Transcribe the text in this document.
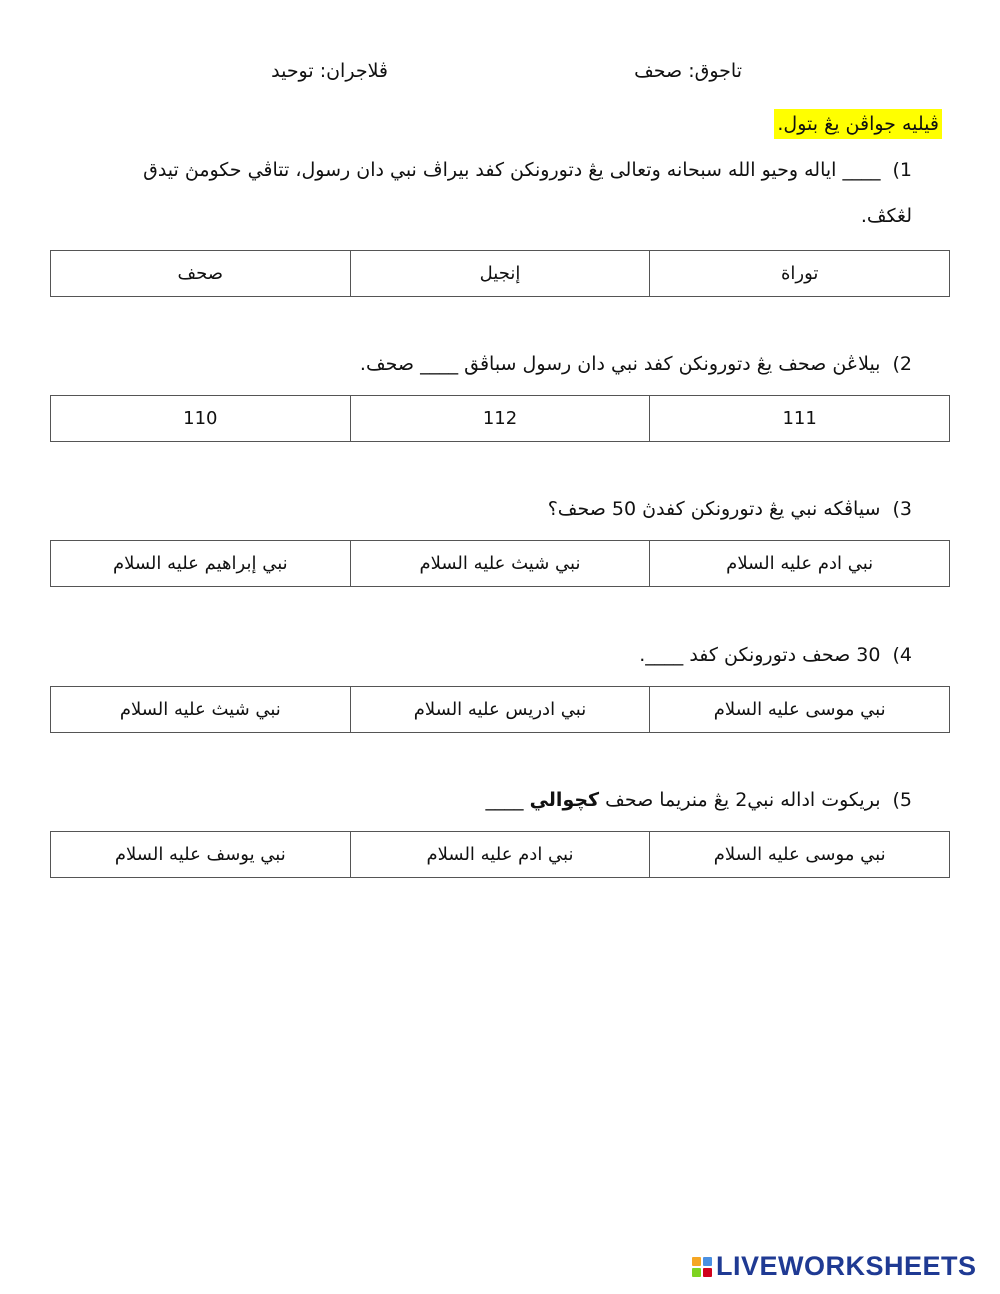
ڤلاجران: توحيد	تاجوق: صحف
ڤيليه جواڤن يڠ بتول.
1)____ اياله وحيو الله سبحانه وتعالى يڠ دتورونكن كفد بيراڤ نبي دان رسول، تتاڤي حكومڽ تيدق لڠكڤ.
توراة
إنجيل
صحف
2)بيلاڠن صحف يڠ دتورونكن كفد نبي دان رسول سباڤق ____ صحف.
111
112
110
3)سياڤكه نبي يڠ دتورونكن كفدڽ 50 صحف؟
نبي ادم عليه السلام
نبي شيث عليه السلام
نبي إبراهيم عليه السلام
4)30 صحف دتورونكن كفد ____.
نبي موسى عليه السلام
نبي ادريس عليه السلام
نبي شيث عليه السلام
5)بريكوت اداله نبي2 يڠ منريما صحف كچوالي ____
نبي موسى عليه السلام
نبي ادم عليه السلام
نبي يوسف عليه السلام
LIVEWORKSHEETS
